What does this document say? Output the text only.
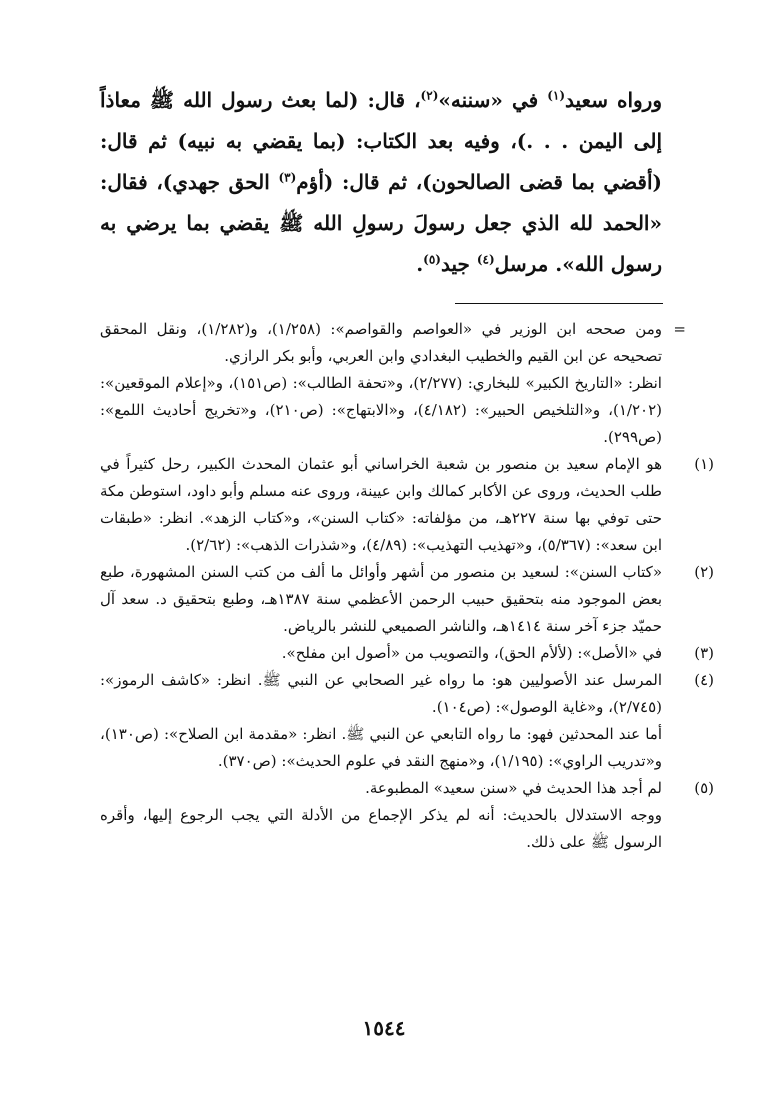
ورواه سعيد$^{(١)}$ في «سننه»$^{(٢)}$، قال: (لما بعث رسول الله ﷺ معاذاً إلى اليمن . . .)، وفيه بعد الكتاب: (بما يقضي به نبيه) ثم قال: (أقضي بما قضى الصالحون)، ثم قال: (أؤم$^{(٣)}$ الحق جهدي)، فقال: «الحمد لله الذي جعل رسولَ رسولِ الله ﷺ يقضي بما يرضي به رسول الله». مرسل$^{(٤)}$ جيد$^{(٥)}$.

=
ومن صححه ابن الوزير في «العواصم والقواصم»: (١/٢٥٨)، و(١/٢٨٢)، ونقل المحقق تصحيحه عن ابن القيم والخطيب البغدادي وابن العربي، وأبو بكر الرازي.
انظر: «التاريخ الكبير» للبخاري: (٢/٢٧٧)، و«تحفة الطالب»: (ص١٥١)، و«إعلام الموقعين»: (١/٢٠٢)، و«التلخيص الحبير»: (٤/١٨٢)، و«الابتهاج»: (ص٢١٠)، و«تخريج أحاديث اللمع»: (ص٢٩٩).
(١)
هو الإمام سعيد بن منصور بن شعبة الخراساني أبو عثمان المحدث الكبير، رحل كثيراً في طلب الحديث، وروى عن الأكابر كمالك وابن عيينة، وروى عنه مسلم وأبو داود، استوطن مكة حتى توفي بها سنة ٢٢٧هـ، من مؤلفاته: «كتاب السنن»، و«كتاب الزهد». انظر: «طبقات ابن سعد»: (٥/٣٦٧)، و«تهذيب التهذيب»: (٤/٨٩)، و«شذرات الذهب»: (٢/٦٢).
(٢)
«كتاب السنن»: لسعيد بن منصور من أشهر وأوائل ما ألف من كتب السنن المشهورة، طبع بعض الموجود منه بتحقيق حبيب الرحمن الأعظمي سنة ١٣٨٧هـ، وطبع بتحقيق د. سعد آل حميّد جزء آخر سنة ١٤١٤هـ، والناشر الصميعي للنشر بالرياض.
(٣)
في «الأصل»: (لألأم الحق)، والتصويب من «أصول ابن مفلح».
(٤)
المرسل عند الأصوليين هو: ما رواه غير الصحابي عن النبي ﷺ. انظر: «كاشف الرموز»: (٢/٧٤٥)، و«غاية الوصول»: (ص١٠٤).
أما عند المحدثين فهو: ما رواه التابعي عن النبي ﷺ. انظر: «مقدمة ابن الصلاح»: (ص١٣٠)، و«تدريب الراوي»: (١/١٩٥)، و«منهج النقد في علوم الحديث»: (ص٣٧٠).
(٥)
لم أجد هذا الحديث في «سنن سعيد» المطبوعة.
ووجه الاستدلال بالحديث: أنه لم يذكر الإجماع من الأدلة التي يجب الرجوع إليها، وأقره الرسول ﷺ على ذلك.
١٥٤٤
